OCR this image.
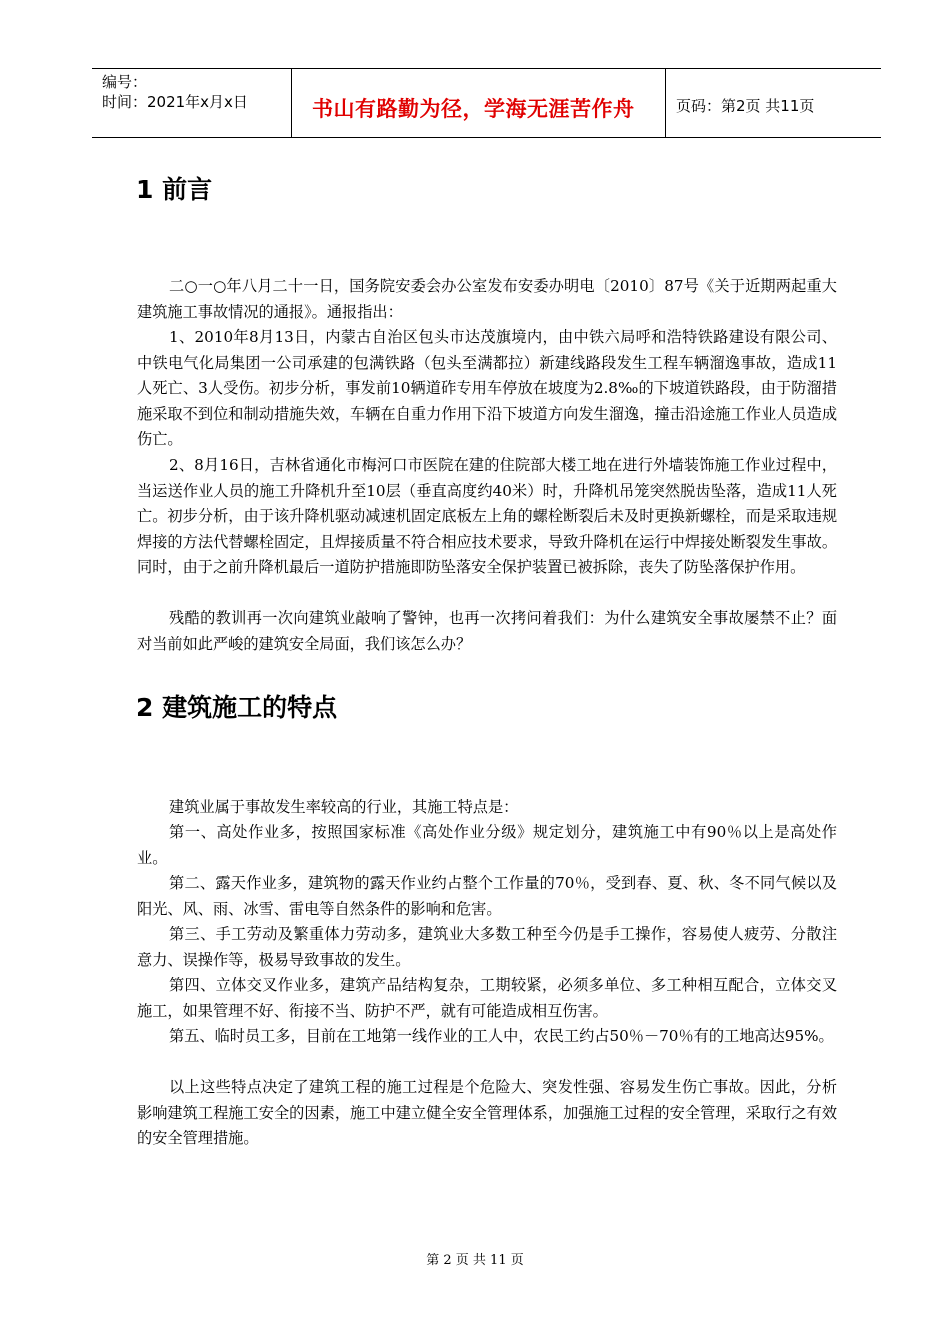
编号：
时间：2021年x月x日	书山有路勤为径，学海无涯苦作舟	页码：第2页 共11页
1 前言
二○一○年八月二十一日，国务院安委会办公室发布安委办明电〔2010〕87号《关于近期两起重大建筑施工事故情况的通报》。通报指出：
1、2010年8月13日，内蒙古自治区包头市达茂旗境内，由中铁六局呼和浩特铁路建设有限公司、中铁电气化局集团一公司承建的包满铁路（包头至满都拉）新建线路段发生工程车辆溜逸事故，造成11人死亡、3人受伤。初步分析，事发前10辆道砟专用车停放在坡度为2.8‰的下坡道铁路段，由于防溜措施采取不到位和制动措施失效，车辆在自重力作用下沿下坡道方向发生溜逸，撞击沿途施工作业人员造成伤亡。
2、8月16日，吉林省通化市梅河口市医院在建的住院部大楼工地在进行外墙装饰施工作业过程中，当运送作业人员的施工升降机升至10层（垂直高度约40米）时，升降机吊笼突然脱齿坠落，造成11人死亡。初步分析，由于该升降机驱动减速机固定底板左上角的螺栓断裂后未及时更换新螺栓，而是采取违规焊接的方法代替螺栓固定，且焊接质量不符合相应技术要求，导致升降机在运行中焊接处断裂发生事故。同时，由于之前升降机最后一道防护措施即防坠落安全保护装置已被拆除，丧失了防坠落保护作用。
残酷的教训再一次向建筑业敲响了警钟，也再一次拷问着我们：为什么建筑安全事故屡禁不止？面对当前如此严峻的建筑安全局面，我们该怎么办？
2 建筑施工的特点
建筑业属于事故发生率较高的行业，其施工特点是：
第一、高处作业多，按照国家标准《高处作业分级》规定划分，建筑施工中有90％以上是高处作业。
第二、露天作业多，建筑物的露天作业约占整个工作量的70％，受到春、夏、秋、冬不同气候以及阳光、风、雨、冰雪、雷电等自然条件的影响和危害。
第三、手工劳动及繁重体力劳动多，建筑业大多数工种至今仍是手工操作，容易使人疲劳、分散注意力、误操作等，极易导致事故的发生。
第四、立体交叉作业多，建筑产品结构复杂，工期较紧，必须多单位、多工种相互配合，立体交叉施工，如果管理不好、衔接不当、防护不严，就有可能造成相互伤害。
第五、临时员工多，目前在工地第一线作业的工人中，农民工约占50％－70％有的工地高达95%。
以上这些特点决定了建筑工程的施工过程是个危险大、突发性强、容易发生伤亡事故。因此，分析影响建筑工程施工安全的因素，施工中建立健全安全管理体系，加强施工过程的安全管理，采取行之有效的安全管理措施。
第 2 页 共 11 页
